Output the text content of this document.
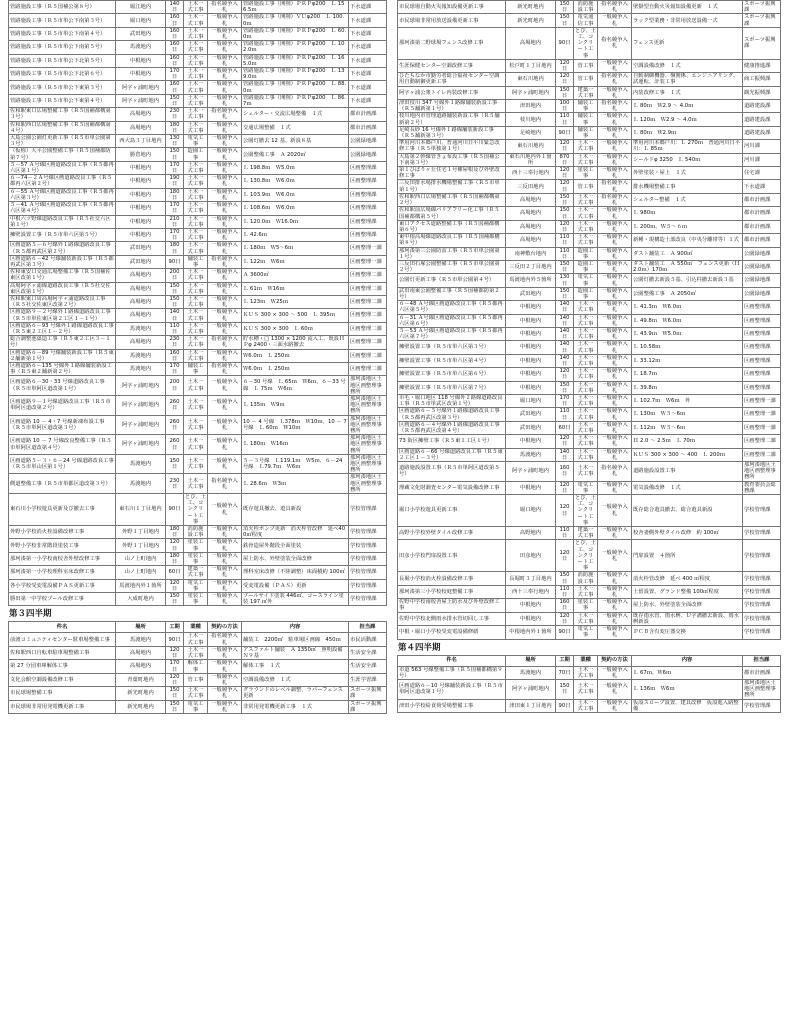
管路施設工事（Ｒ５国補公第８号）	堀江地内	140日	土木一式工事	指名競争入札	管路施設工事（開削）ＰＲＰφ200　Ｌ 156.5ｍ	下水道課
管路施設工事（Ｒ５市単公下南第３号）	堀口地内	160日	土木一式工事	一般競争入札	管路施設工事（開削）ＶＵφ200　Ｌ 100.0ｍ	下水道課
管路施設工事（Ｒ５市単公下南第４号）	武田地内	160日	土木一式工事	一般競争入札	管路施設工事（開削）ＰＲＰφ200　Ｌ 60.0ｍ	下水道課
管路施設工事（Ｒ５市単公下南第５号）	馬渡地内	160日	土木一式工事	一般競争入札	管路施設工事（開削）ＰＲＰφ200　Ｌ 102.0ｍ	下水道課
管路施設工事（Ｒ５市単公下北第５号）	中根地内	160日	土木一式工事	一般競争入札	管路施設工事（開削）ＰＲＰφ200　Ｌ 165.0ｍ	下水道課
管路施設工事（Ｒ５市単公下北第６号）	中根地内	170日	土木一式工事	一般競争入札	管路施設工事（開削）ＰＲＰφ200　Ｌ 139.0ｍ	下水道課
管路施設工事（Ｒ５市単公下東第３号）	阿字ヶ浦町地内	160日	土木一式工事	一般競争入札	管路施設工事（開削）ＰＲＰφ200　Ｌ 88.0ｍ	下水道課
管路施設工事（Ｒ５市単公下東第４号）	阿字ヶ浦町地内	150日	土木一式工事	一般競争入札	管路施設工事（開削）ＰＲＰφ200　Ｌ 86.7ｍ	下水道課
佐和駅東口広場整備工事（Ｒ５国補都構第３号）	高場地内	230日	土木一式工事	指名競争入札	シェルター・交流広場整備　１式	都市計画課
佐和駅西口広場整備工事（Ｒ５国補都構第４号）	高場地内	180日	土木一式工事	一般競争入札	交通広場整備　１式	都市計画課
大島公園公園灯更新工事（Ｒ５市単公園第３号）	西大島３丁目地内	130日	電気工事	一般競争入札	公園灯撤去 12 基、新設８基	公園緑地課
（仮称）大平公園整備工事（Ｒ５国補都防第７号）	勝倉地内	150日	造園工事	一般競争入札	公園整備工事　Ａ 2020㎡	公園緑地課
５－57 Ａ号線区画道路改良工事（Ｒ５都再六区第１号）	中根地内	170日	土木一式工事	一般競争入札	Ｌ 198.8ｍ　Ｗ5.0ｍ	区画整理課
６－74－２Ａ号線区画道路改良工事（Ｒ５都再六区第２号）	中根地内	190日	土木一式工事	一般競争入札	Ｌ 130.8ｍ　Ｗ6.0ｍ	区画整理課
６－55 Ａ号線区画道路改良工事（Ｒ５都再六区第３号）	中根地内	180日	土木一式工事	一般競争入札	Ｌ 103.9ｍ　Ｗ6.0ｍ	区画整理課
５－41 Ａ号線区画道路改良工事（Ｒ５都再六区第４号）	中根地内	170日	土木一式工事	一般競争入札	Ｌ 108.6ｍ　Ｗ6.0ｍ	区画整理課
中根六ツ野線道路改良工事（Ｒ５社交六区第１号）	中根地内	210日	土木一式工事	一般競争入札	Ｌ 120.0ｍ　Ｗ16.0ｍ	区画整理課
擁壁設置工事（Ｒ５市単六区第５号）	中根地内	170日	土木一式工事	一般競争入札	Ｌ 42.6ｍ	区画整理課
区画道路５－６号線外１路線道路改良工事（Ｒ５都再武区第２号）	武田地内	180日	土木一式工事	一般競争入札	Ｌ 180ｍ　Ｗ5～6ｍ	区画整理一課
区画道路６－42 号線舗装新設工事（Ｒ５都再武区第３号）	武田地内	90日	舗装工事	指名競争入札	Ｌ 122ｍ　Ｗ6ｍ	区画整理一課
佐和東安口交通広場整備工事（Ｒ５国補佐東区改第１号）	高場地内	200日	土木一式工事	一般競争入札	Ａ 3600㎡	区画整理二課
高場阿字ヶ浦線道路改良工事（Ｒ５社交佐東区改第１号）	高場地内	150日	土木一式工事	一般競争入札	Ｌ 61ｍ　Ｗ16ｍ	区画整理二課
佐和駅東口周高場阿字ヶ浦道路改良工事（Ｒ５社交佐東区改第２号）	高場地内	150日	土木一式工事	一般競争入札	Ｌ 123ｍ　Ｗ25ｍ	区画整理二課
区画道路９－２号線外１路線道路改良工事（Ｒ５市単佐東区第２工区１－１号）	高場地内	140日	土木一式工事	一般競争入札	ＫＵＳ 300 × 300 ～ 500　Ｌ 395ｍ	区画整理二課
区画道路６－93 号線外１路線道路改良工事（Ｒ５東２工区１－２号）	馬渡地内	110日	土木一式工事	一般競争入札	ＫＵＳ 300 × 300　Ｌ 60ｍ	区画整理二課
総合調整池築造工事（Ｒ５東２工区３－１号）	高場地内	230日	土木一式工事	指名競争入札	貯水槽・□ 1300 × 1200 流入工、既設ＨＰφ 2400・三面水路撤去	区画整理二課
区画道路６－89 号線舗装新設工事（Ｒ５東２舗新第１号）	馬渡地内	160日	土木一式工事	一般競争入札	Ｗ6.0ｍ　Ｌ 250ｍ	区画整理二課
区画道路６－135 号線外１路線舗装新設工事（Ｒ５東２舗新第２号）	馬渡地内	170日	舗装工事	指名競争入札	Ｗ6.0ｍ　Ｌ 250ｍ	区画整理二課
区画道路６－30・33 号線道路改良工事（Ｒ５市単阿区道改第１号）	阿字ヶ浦町地内	200日	土木一式工事	一般競争入札	６－30 号線　Ｌ 65ｍ　Ｗ6ｍ、６－33 号線　Ｌ 75ｍ　Ｗ6ｍ	那珂湊地区土地区画整理事務所
区画道路９－１号線道路改良工事（Ｒ５市単阿区道改第２号）	阿字ヶ浦町地内	260日	土木一式工事	一般競争入札	Ｌ 135ｍ　Ｗ9ｍ	那珂湊地区土地区画整理事務所
区画道路 10 － 4・7 号線新凍布設工事（Ｒ５市単阿区道改第３号）	阿字ヶ浦町地内	260日	土木一式工事	一般競争入札	10 － 4 号線　Ｌ378ｍ　Ｗ10ｍ、10 － 7 号線　Ｌ 60ｍ　Ｗ10ｍ	那珂湊地区土地区画整理事務所
区画道路 10 － 7 号線改良整備工事（Ｒ５市単阿区道改第４号）	阿字ヶ浦町地内	260日	土木一式工事	一般競争入札	Ｌ 180ｍ　Ｗ16ｍ	那珂湊地区土地区画整理事務所
区画道路５－３・６－24 号線道路改良工事（Ｒ５市単山区第１号）	馬渡地内	150日	土木一式工事	一般競争入札	５－３号線　Ｌ119.1ｍ　Ｗ5ｍ、６－24 号線　Ｌ79.7ｍ　Ｗ6ｍ	那珂湊地区土地区画整理事務所
側道整備工事（Ｒ５市単都区道改第３号）	馬渡地内	230日	土木一式工事	指名競争入札	Ｌ 28.6ｍ　Ｗ3ｍ	那珂湊地区土地区画整理事務所
東石川小学校遊具更新及び撤去工事	東石川１丁目地内	90日	とび、土工、コンクリート工事	一般競争入札	既存遊具撤去、遊具新設	学校管理課
外野小学校消火栓設備改修工事	外野１丁目地内	180日	消防施設工事	一般競争入札	消火栓ポンプ更新　消火栓管改修　延べ400㎡程度	学校管理課
外野小学校非常階段塗装工事	外野１丁目地内	120日	塗装工事	一般競争入札	鉄骨造屋外階段全面塗装	学校管理課
那珂湊第一小学校南校舎外壁改修工事	山ノ上町地内	180日	塗装工事	一般競争入札	屋上防水、外壁塗装全面改修	学校管理課
那珂湊第一小学校理科室床改修工事	山ノ上町地内	60日	建築一式工事	一般競争入札	理科室床改修（不陸調整）床面積約 100㎡	学校管理課
各小学校受変電設備ＰＡＳ更新工事	馬渡地内外１箇所	120日	電気工事	一般競争入札	受変電設備（ＰＡＳ）更新	学校管理課
勝田第一中学校プール改修工事	大成町地内	150日	塗装工事	一般競争入札	プールサイド塗装 446㎡、コースライン塗装 197 ㎡外	学校管理課
第３四半期
件名	場所	工期	業種	契約の方法	内容	担当課
前渡コミュニティセンター駐車場整備工事	馬渡地内	90日	土木一式工事	指名競争入札	舗装工　2200㎡　駐車場区画線　450ｍ	市民活動課
佐和駅西口自転車駐車場整備工事	高場地内	120日	土木一式工事	一般競争入札	アスファルト舗装　Ａ 1350㎡　照明設備　Ｎ９基	生活安全課
第 27 分団車庫解体工事	高場地内	170日	解体工事	一般競争入札	解体工事　１式	生活安全課
文化会館空調設備改修工事	青葉町地内	120日	管工事	一般競争入札	空調設備改修　１式	生涯学習課
市民球場整備工事	新光町地内	150日	土木一式工事	一般競争入札	グラウンドのレベル調整、ラバーフェンス更新	スポーツ振興課
市民球場非常用発電機更新工事	新光町地内	150日	電気工事	一般競争入札	非常用発電機更新工事　１式	スポーツ振興課
市民球場自動火災報知設備更新工事	新光町地内	150日	消防施設工事	指名競争入札	壁掛型自動火災報知設備更新　１式	スポーツ振興課
市民球場非常用放送設備更新工事	新光町地内	150日	電気通信工事	一般競争入札	ラック型業務・非常用放送設備一式	スポーツ振興課
那珂湊第二野球場フェンス改修工事	高場地内	90日	とび、土工、コンクリート工事	指名競争入札	フェンス更新	スポーツ振興課
生涯保健センター空調改修工事	松戸町１丁目地内	120日	管工事	一般競争入札	空調設備改修　１式	健康推進課
ひたちなか市勤労者総合福祉センター空調用自動制御更新工事	東石川地内	120日	管工事	指名競争入札	自動制御機器、盤関係、エンジニアリング、試運転、計装工事	商工振興課
阿字ヶ浦公衆トイレ内装改修工事	阿字ヶ浦町地内	150日	建築一式工事	一般競争入札	内装改修工事　１式	観光振興課
津田枝川 347 号線外１路線舗装新設工事（Ｒ５舗新第１号）	津田地内	100日	舗装工事	指名競争入札	Ｌ 80ｍ　Ｗ2.9 ～ 4.0ｍ	道路建設課
枝川地内市管理道路舗装新設工事（Ｒ５舗新第２号）	枝川地内	110日	舗装工事	一般競争入札	Ｌ 120ｍ　Ｗ2.9 ～ 4.0ｍ	道路建設課
足崎長砂 16 号線外１路線舗装新設工事（Ｒ５舗新第３号）	足崎地内	90日	舗装工事	一般競争入札	Ｌ 80ｍ　Ｗ2.9ｍ	道路建設課
準用河川本郷戸川、普通河川日平川緊急改修工事（Ｒ５単独第１号）	東石川地内	120日	土木一式工事	一般競争入札	準用河川本郷戸川：Ｌ 270ｍ　普通河川日平川：Ｌ 85ｍ	河川課
大島第２幹線管きょ布設工事（Ｒ５国補公下南第３号）	東石川地内外１箇所	870日	土木一式工事	一般競争入札	シールドφ 3250　Ｌ 540ｍ	河川課
第１ひばりヶ丘住宅１号棟屋根及び外壁改修工事	西十三奉行地内	120日	塗装工事	一般競争入札	外壁塗装・屋上　１式	住宅課
三反田排水場排水機場整備工事（Ｒ５市単第１号）	三反田地内	120日	管工事	指名競争入札	排水機場整備工事	下水道課
佐和駅西口広場整備工事（Ｒ５国補都構第２号）	高場地内	150日	土木一式工事	指名競争入札	シェルター整備　１式	都市計画課
佐和駅前広場線バリアフリー化工事（Ｒ５国補都構第５号）	高場地内	150日	土木一式工事	一般競争入札	Ｌ 980ｍ	都市計画課
東口アクセス道路整備工事（Ｒ５国補都構第６号）	高場地内	120日	土木一式工事	一般競争入札	Ｌ 200ｍ、Ｗ５～６ｍ	都市計画課
東中根高場線道路改良工事（Ｒ５国補都構第８号）	高場地内	110日	土木一式工事	一般競争入札	新種・現構造土部改良（中央分離帯等）１式	都市計画課
那珂湊第三公園防雷工事（Ｒ５市単公園第１号）	南神敷台地内	110日	造園工事	一般競争入札	ダスト舗装工　Ａ 900㎡	公園緑地課
三反田石塚公園整備工事（Ｒ５市単公園第２号）	三反田２丁目地内	150日	造園工事	一般競争入札	ダスト舗装工　Ａ 550㎡　フェンス更新（Ｈ2.0ｍ）170ｍ	公園緑地課
公園灯更新工事（Ｒ５市単公園第４号）	馬渡地内外５箇所	130日	電気工事	一般競争入札	公園灯撤去新設５基、引込柱撤去新設３基	公園緑地課
武田南東公園整備工事（Ｒ５国補都防第２号）	武田地内	150日	造園工事	一般競争入札	公園整備工事　Ａ 2050㎡	公園緑地課
６－48 Ａ号線区画道路改良工事（Ｒ５都再六区第５号）	中根地内	140日	土木一式工事	一般競争入札	Ｌ 41.3ｍ　Ｗ6.0ｍ	区画整理課
６－31 Ａ号線区画道路改良工事（Ｒ５都再六区第６号）	中根地内	140日	土木一式工事	一般競争入札	Ｌ 49.8ｍ　Ｗ6.0ｍ	区画整理課
５－53 Ａ号線区画道路改良工事（Ｒ５都再六区第７号）	中根地内	140日	土木一式工事	一般競争入札	Ｌ 43.9ｍ　Ｗ5.0ｍ	区画整理課
擁壁設置工事（Ｒ５市単六区第３号）	中根地内	140日	土木一式工事	一般競争入札	Ｌ 10.58ｍ	区画整理課
擁壁設置工事（Ｒ５市単六区第４号）	中根地内	140日	土木一式工事	一般競争入札	Ｌ 33.12ｍ	区画整理課
擁壁設置工事（Ｒ５市単六区第６号）	中根地内	120日	土木一式工事	一般競争入札	Ｌ 18.7ｍ	区画整理課
擁壁設置工事（Ｒ５市単六区第７号）	中根地内	150日	土木一式工事	一般競争入札	Ｌ 39.8ｍ	区画整理課
市毛・堀口地区 118 号線外２路線道路改良工事（Ｒ５市単武区改第１号）	堀口地内	170日	土木一式工事	一般競争入札	Ｌ 102.7ｍ　Ｗ6ｍ　外	区画整理一課
区画道路６－５号線外１路線道路改良工事（Ｒ５都再武区改第３号）	武田地内	110日	土木一式工事	一般競争入札	Ｌ 130ｍ　Ｗ５～6ｍ	区画整理一課
区画道路６－４号線外１路線道路改良工事（Ｒ５都再武区改第４号）	武田地内	60日	土木一式工事	一般競争入札	Ｌ 112ｍ　Ｗ５～6ｍ	区画整理一課
73 街区擁壁工事（Ｒ５東１工区１号）	中根地内	120日	土木一式工事	一般競争入札	Ｈ 2.0 ～ 2.5ｍ　Ｌ 70ｍ	区画整理二課
区画道路６－66 号線道路改良工事（Ｒ５東２工区１－３号）	馬渡地内	140日	土木一式工事	一般競争入札	ＫＵＳ 300 × 300 ～ 400　Ｌ 200ｍ	区画整理二課
道路施設設置工事（Ｒ５市単阿区道改第５号）	阿字ヶ浦町地内	160日	土木一式工事	指名競争入札	道路施設設置工事	那珂湊地区土地区画整理事務所
理蔵文化財調査センター電気設備改修工事	中根地内	120日	電気工事	一般競争入札	電気設備改修　１式	教育委員会総務課
堀口小学校遊具更新工事	堀口地内	120日	とび、土工、コンクリート工事	一般競争入札	既存総合遊具撤去、総合遊具新設	学校管理課
高野小学校外壁タイル改修工事	高野地内	110日	建築一式工事	一般競争入札	校舎妻側外壁タイル改修　約 100㎡	学校管理課
田彦小学校門扉設置工事	田彦地内	120日	とび、土工、コンクリート工事	一般競争入札	門扉設置　４箇所	学校管理課
長堀小学校消火栓設備改修工事	長堀町３丁目地内	150日	消防施設工事	一般競争入札	消火栓管改修　延べ 400 ㎡程度	学校管理課
那珂湊第三小学校校庭整備工事	西十三奉行地内	110日	土木一式工事	一般競争入札	土留設置、グランド整備 100㎡程度	学校管理課
佐野中学校南校舎屋上防水及び外壁改修工事	中根地内	160日	塗装工事	一般競争入札	屋上防水、外壁塗装全面改修	学校管理課
佐野中学校北側雨水排水管切回し工事	中根地内	120日	土木一式工事	一般競争入札	既存雨水管、雨水桝、Ｕ字溝撤去新設、雨水桝新設	学校管理課
中根・堀口小学校受変電設備修繕	中根地内外１箇所	90日	電気工事	一般競争入札	ＰＣＢ含有変圧器交換	学校管理課
第４四半期
件名	場所	工期	業種	契約の方法	内容	担当課
市道 563 号線整備工事（Ｒ５国補都構第９号）	馬渡地内	70日	土木一式工事	一般競争入札	Ｌ 67ｍ、Ｗ6ｍ	都市計画課
区画道路６－10 号線舗装新設工事（Ｒ５市単阿区道改第１号）	阿字ヶ浦町地内	150日	土木一式工事	一般競争入札	Ｌ 136ｍ　Ｗ6ｍ	那珂湊地区土地区画整理事務所
津田小学校給食荷受場整備工事	津田東１丁目地内	90日	土木一式工事	一般競争入札	仮設スロープ設置、建具改修　仮設進入路整備	学校管理課
